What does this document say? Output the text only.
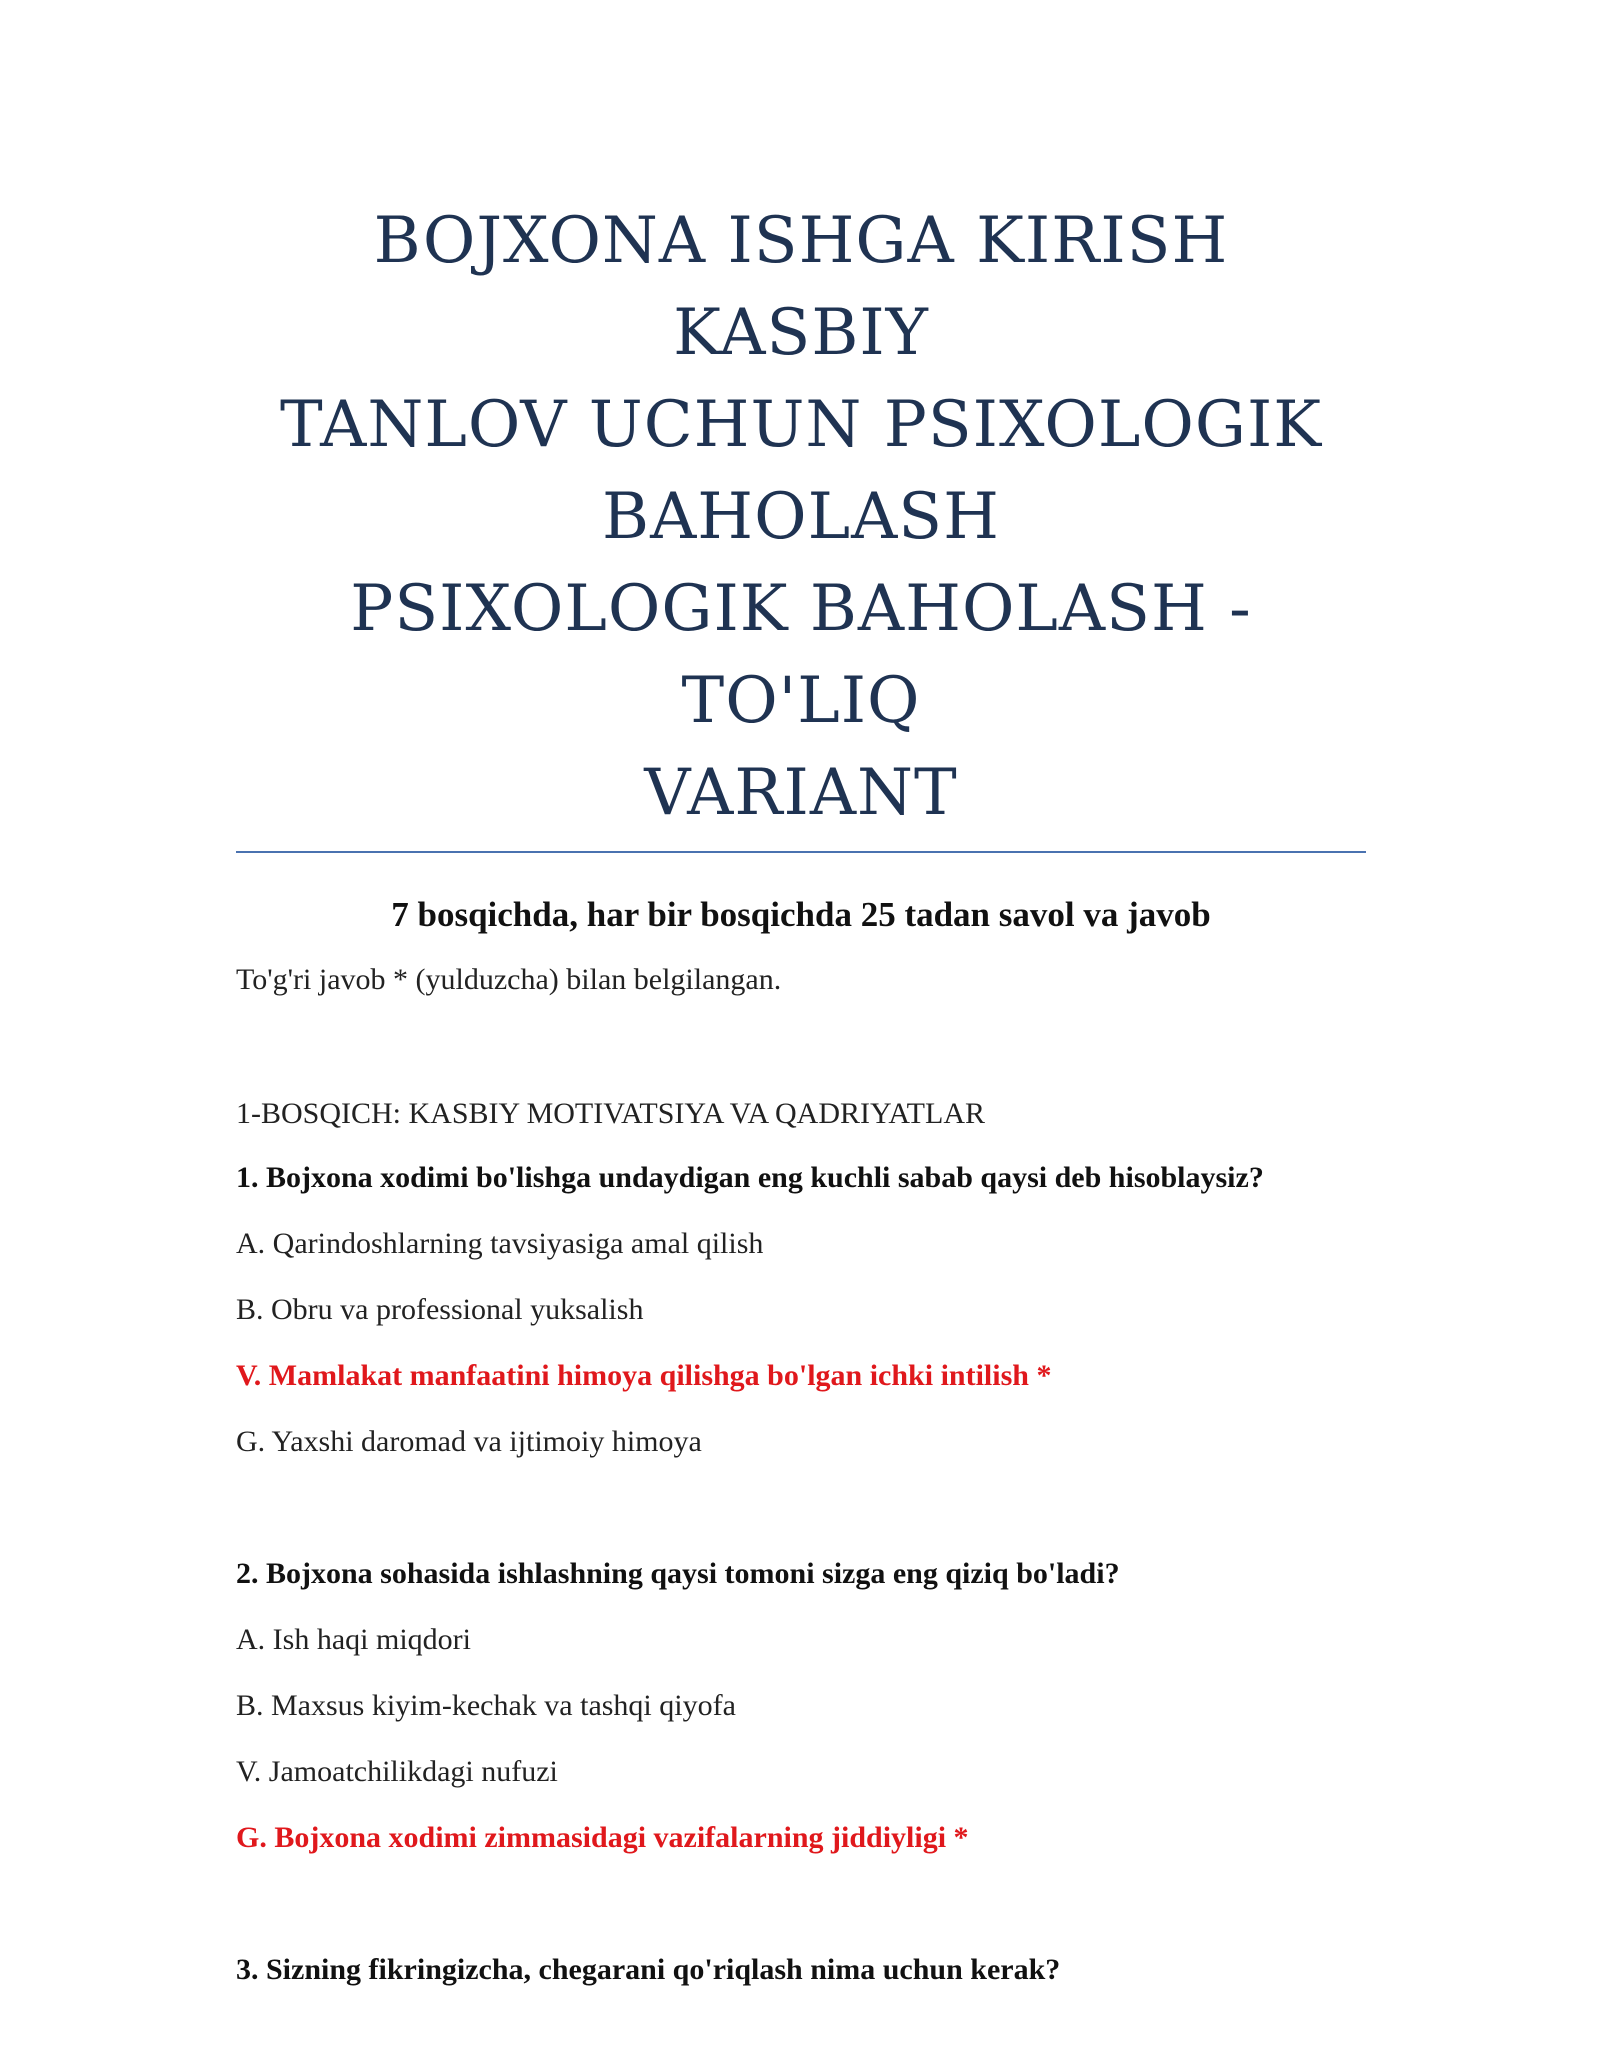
BOJXONA ISHGA KIRISH KASBIY
TANLOV UCHUN PSIXOLOGIK
BAHOLASH
PSIXOLOGIK BAHOLASH - TO'LIQ
VARIANT
7 bosqichda, har bir bosqichda 25 tadan savol va javob
To'g'ri javob * (yulduzcha) bilan belgilangan.
1-BOSQICH: KASBIY MOTIVATSIYA VA QADRIYATLAR
1. Bojxona xodimi bo'lishga undaydigan eng kuchli sabab qaysi deb hisoblaysiz?
A. Qarindoshlarning tavsiyasiga amal qilish
B. Obru va professional yuksalish
V. Mamlakat manfaatini himoya qilishga bo'lgan ichki intilish *
G. Yaxshi daromad va ijtimoiy himoya
2. Bojxona sohasida ishlashning qaysi tomoni sizga eng qiziq bo'ladi?
A. Ish haqi miqdori
B. Maxsus kiyim-kechak va tashqi qiyofa
V. Jamoatchilikdagi nufuzi
G. Bojxona xodimi zimmasidagi vazifalarning jiddiyligi *
3. Sizning fikringizcha, chegarani qo'riqlash nima uchun kerak?
